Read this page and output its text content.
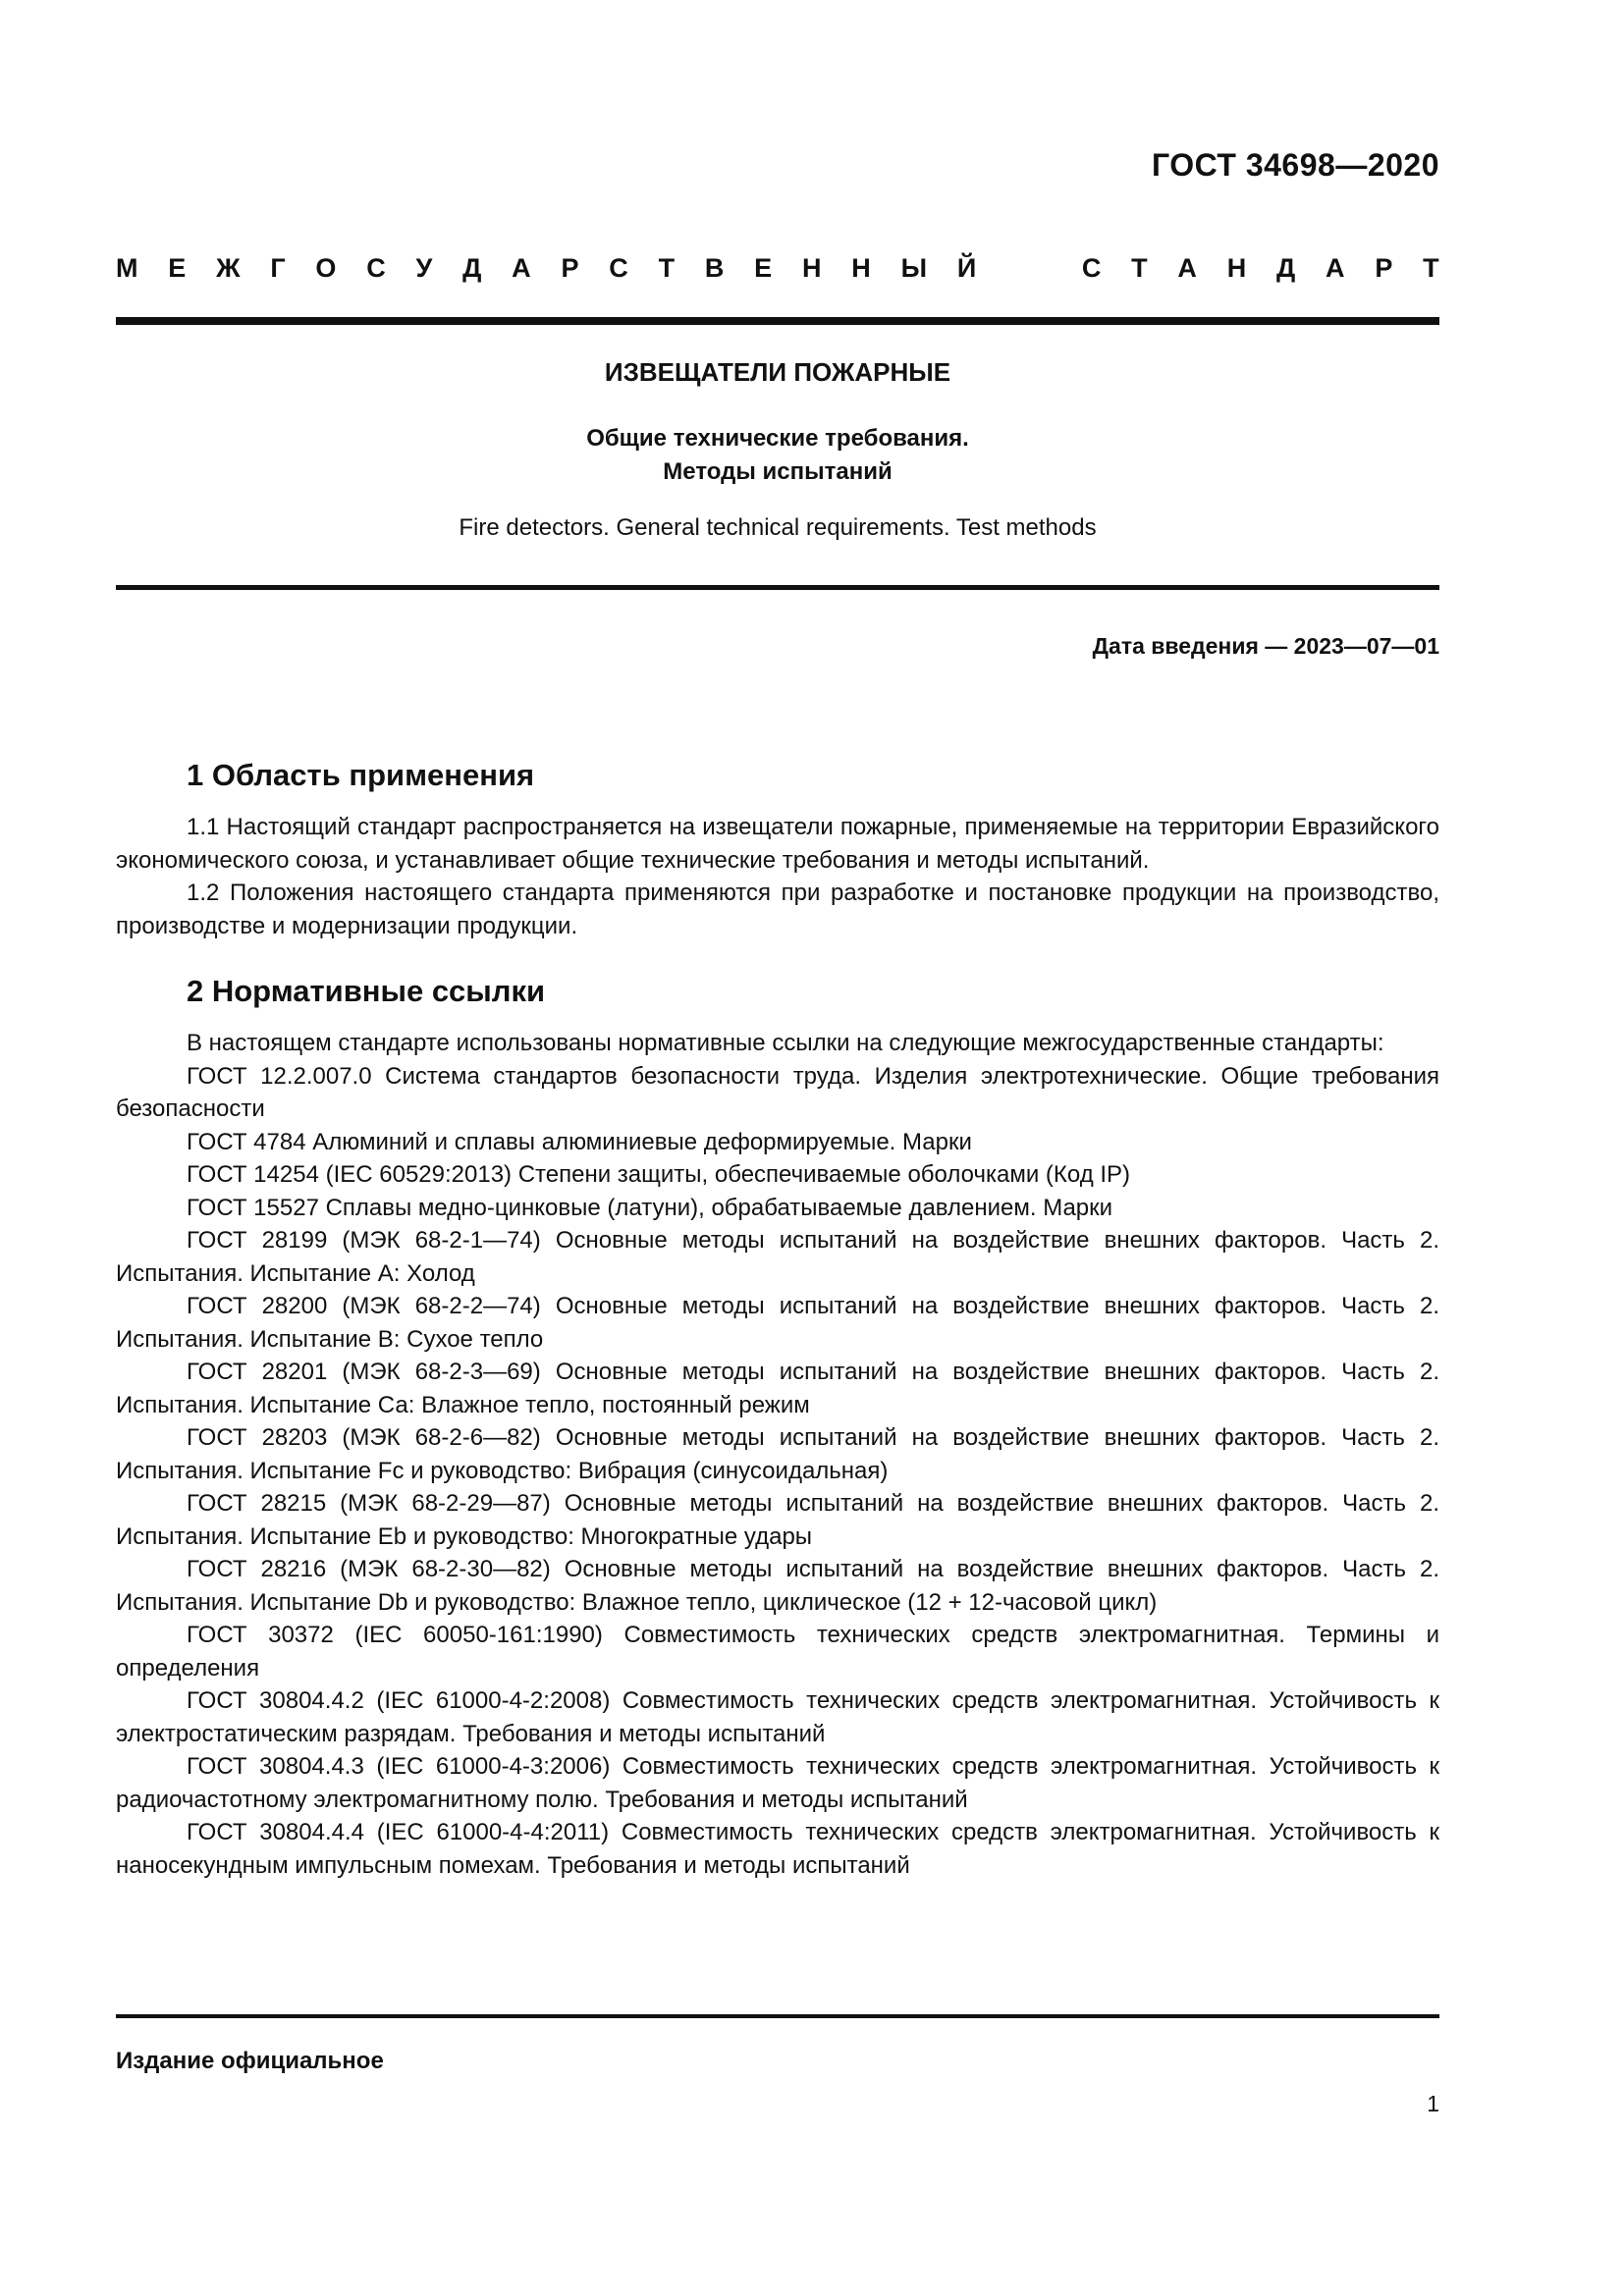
ГОСТ 34698—2020
М Е Ж Г О С У Д А Р С Т В Е Н Н Ы Й	С Т А Н Д А Р Т
ИЗВЕЩАТЕЛИ ПОЖАРНЫЕ
Общие технические требования.
Методы испытаний
Fire detectors. General technical requirements. Test methods
Дата введения — 2023—07—01
1 Область применения

1.1 Настоящий стандарт распространяется на извещатели пожарные, применяемые на территории Евразийского экономического союза, и устанавливает общие технические требования и методы испытаний.

1.2 Положения настоящего стандарта применяются при разработке и постановке продукции на производство, производстве и модернизации продукции.

2 Нормативные ссылки

В настоящем стандарте использованы нормативные ссылки на следующие межгосударственные стандарты:

ГОСТ 12.2.007.0 Система стандартов безопасности труда. Изделия электротехнические. Общие требования безопасности

ГОСТ 4784 Алюминий и сплавы алюминиевые деформируемые. Марки

ГОСТ 14254 (IEC 60529:2013) Степени защиты, обеспечиваемые оболочками (Код IP)

ГОСТ 15527 Сплавы медно-цинковые (латуни), обрабатываемые давлением. Марки

ГОСТ 28199 (МЭК 68-2-1—74) Основные методы испытаний на воздействие внешних факторов. Часть 2. Испытания. Испытание А: Холод

ГОСТ 28200 (МЭК 68-2-2—74) Основные методы испытаний на воздействие внешних факторов. Часть 2. Испытания. Испытание В: Сухое тепло

ГОСТ 28201 (МЭК 68-2-3—69) Основные методы испытаний на воздействие внешних факторов. Часть 2. Испытания. Испытание Са: Влажное тепло, постоянный режим

ГОСТ 28203 (МЭК 68-2-6—82) Основные методы испытаний на воздействие внешних факторов. Часть 2. Испытания. Испытание Fc и руководство: Вибрация (синусоидальная)

ГОСТ 28215 (МЭК 68-2-29—87) Основные методы испытаний на воздействие внешних факторов. Часть 2. Испытания. Испытание Eb и руководство: Многократные удары

ГОСТ 28216 (МЭК 68-2-30—82) Основные методы испытаний на воздействие внешних факторов. Часть 2. Испытания. Испытание Db и руководство: Влажное тепло, циклическое (12 + 12-часовой цикл)

ГОСТ 30372 (IEC 60050-161:1990) Совместимость технических средств электромагнитная. Термины и определения

ГОСТ 30804.4.2 (IEC 61000-4-2:2008) Совместимость технических средств электромагнитная. Устойчивость к электростатическим разрядам. Требования и методы испытаний

ГОСТ 30804.4.3 (IEC 61000-4-3:2006) Совместимость технических средств электромагнитная. Устойчивость к радиочастотному электромагнитному полю. Требования и методы испытаний

ГОСТ 30804.4.4 (IEC 61000-4-4:2011) Совместимость технических средств электромагнитная. Устойчивость к наносекундным импульсным помехам. Требования и методы испытаний

Издание официальное
1
